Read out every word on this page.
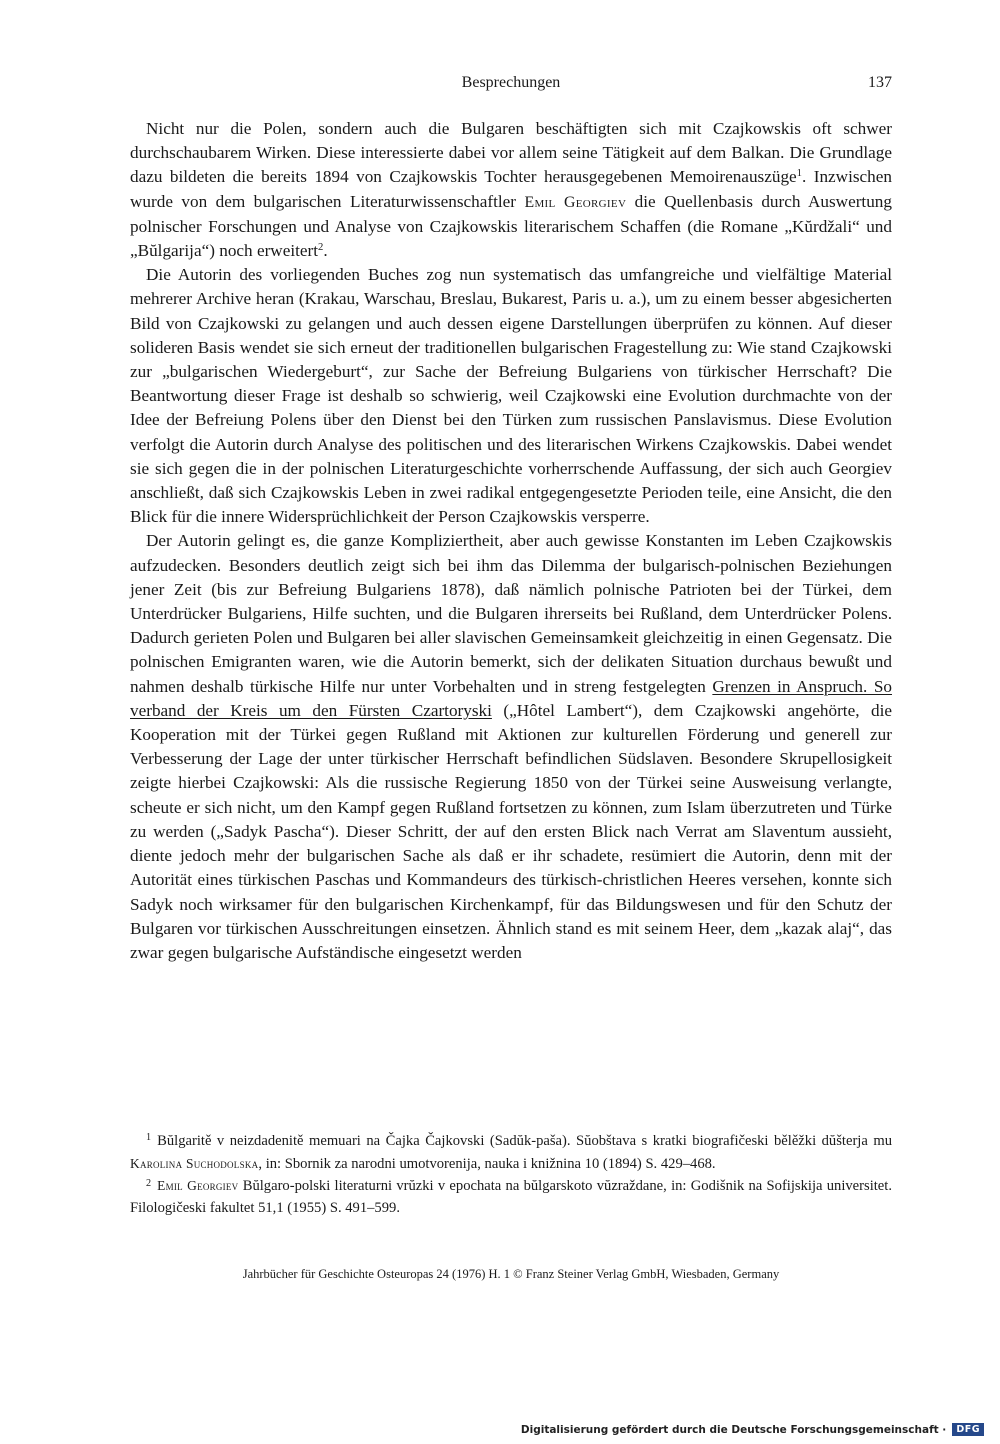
Besprechungen	137

Nicht nur die Polen, sondern auch die Bulgaren beschäftigten sich mit Czajkowskis oft schwer durchschaubarem Wirken. Diese interessierte dabei vor allem seine Tätigkeit auf dem Balkan. Die Grundlage dazu bildeten die bereits 1894 von Czajkowskis Tochter herausgegebenen Memoirenauszüge$^1$. Inzwischen wurde von dem bulgarischen Literaturwissenschaftler Emil Georgiev die Quellenbasis durch Auswertung polnischer Forschungen und Analyse von Czajkowskis literarischem Schaffen (die Romane „Kŭrdžali“ und „Bŭlgarija“) noch erweitert$^2$.

Die Autorin des vorliegenden Buches zog nun systematisch das umfangreiche und vielfältige Material mehrerer Archive heran (Krakau, Warschau, Breslau, Bukarest, Paris u. a.), um zu einem besser abgesicherten Bild von Czajkowski zu gelangen und auch dessen eigene Darstellungen überprüfen zu können. Auf dieser solideren Basis wendet sie sich erneut der traditionellen bulgarischen Fragestellung zu: Wie stand Czajkowski zur „bulgarischen Wiedergeburt“, zur Sache der Befreiung Bulgariens von türkischer Herrschaft? Die Beantwortung dieser Frage ist deshalb so schwierig, weil Czajkowski eine Evolution durchmachte von der Idee der Befreiung Polens über den Dienst bei den Türken zum russischen Panslavismus. Diese Evolution verfolgt die Autorin durch Analyse des politischen und des literarischen Wirkens Czajkowskis. Dabei wendet sie sich gegen die in der polnischen Literaturgeschichte vorherrschende Auffassung, der sich auch Georgiev anschließt, daß sich Czajkowskis Leben in zwei radikal entgegengesetzte Perioden teile, eine Ansicht, die den Blick für die innere Widersprüchlichkeit der Person Czajkowskis versperre.

Der Autorin gelingt es, die ganze Kompliziertheit, aber auch gewisse Konstanten im Leben Czajkowskis aufzudecken. Besonders deutlich zeigt sich bei ihm das Dilemma der bulgarisch-polnischen Beziehungen jener Zeit (bis zur Befreiung Bulgariens 1878), daß nämlich polnische Patrioten bei der Türkei, dem Unterdrücker Bulgariens, Hilfe suchten, und die Bulgaren ihrerseits bei Rußland, dem Unterdrücker Polens. Dadurch gerieten Polen und Bulgaren bei aller slavischen Gemeinsamkeit gleichzeitig in einen Gegensatz. Die polnischen Emigranten waren, wie die Autorin bemerkt, sich der delikaten Situation durchaus bewußt und nahmen deshalb türkische Hilfe nur unter Vorbehalten und in streng festgelegten Grenzen in Anspruch. So verband der Kreis um den Fürsten Czartoryski („Hôtel Lambert“), dem Czajkowski angehörte, die Kooperation mit der Türkei gegen Rußland mit Aktionen zur kulturellen Förderung und generell zur Verbesserung der Lage der unter türkischer Herrschaft befindlichen Südslaven. Besondere Skrupellosigkeit zeigte hierbei Czajkowski: Als die russische Regierung 1850 von der Türkei seine Ausweisung verlangte, scheute er sich nicht, um den Kampf gegen Rußland fortsetzen zu können, zum Islam überzutreten und Türke zu werden („Sadyk Pascha“). Dieser Schritt, der auf den ersten Blick nach Verrat am Slaventum aussieht, diente jedoch mehr der bulgarischen Sache als daß er ihr schadete, resümiert die Autorin, denn mit der Autorität eines türkischen Paschas und Kommandeurs des türkisch-christlichen Heeres versehen, konnte sich Sadyk noch wirksamer für den bulgarischen Kirchenkampf, für das Bildungswesen und für den Schutz der Bulgaren vor türkischen Ausschreitungen einsetzen. Ähnlich stand es mit seinem Heer, dem „kazak alaj“, das zwar gegen bulgarische Aufständische eingesetzt werden

$^1$ Bŭlgaritě v neizdadenitě memuari na Čajka Čajkovski (Sadŭk-paša). Sŭobštava s kratki biografičeski bělěžki dŭšterja mu Karolina Suchodolska, in: Sbornik za narodni umotvorenija, nauka i knižnina 10 (1894) S. 429–468.

$^2$ Emil Georgiev Bŭlgaro-polski literaturni vrŭzki v epochata na bŭlgarskoto vŭzraždane, in: Godišnik na Sofijskija universitet. Filologičeski fakultet 51,1 (1955) S. 491–599.

Jahrbücher für Geschichte Osteuropas 24 (1976) H. 1 © Franz Steiner Verlag GmbH, Wiesbaden, Germany
Digitalisierung gefördert durch die Deutsche Forschungsgemeinschaft ·	DFG
